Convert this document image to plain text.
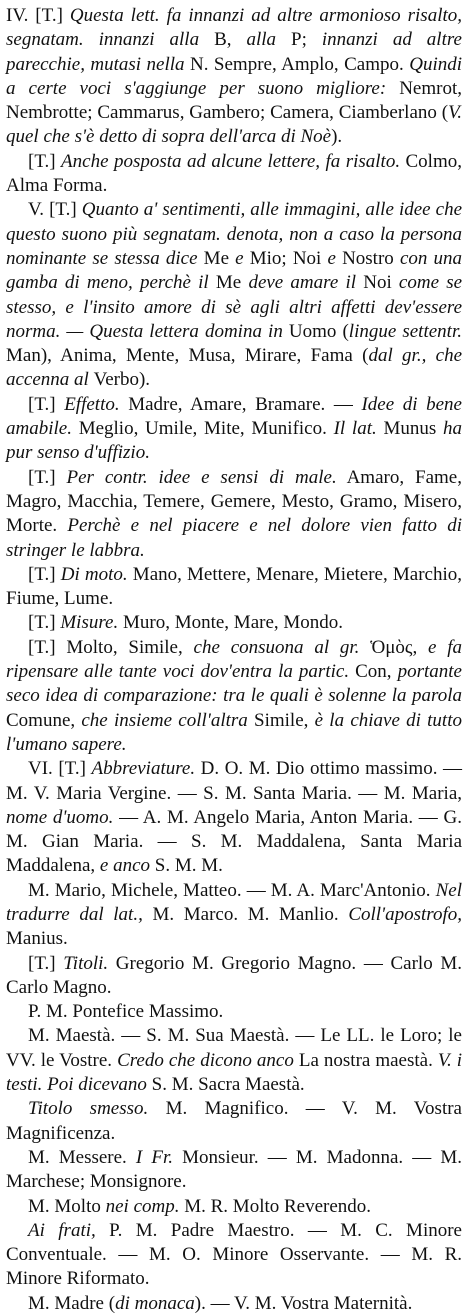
IV. [T.] Questa lett. fa innanzi ad altre armonioso risalto, segnatam. innanzi alla B, alla P; innanzi ad altre parecchie, mutasi nella N. Sempre, Amplo, Campo. Quindi a certe voci s'aggiunge per suono migliore: Nemrot, Nembrotte; Cammarus, Gambero; Camera, Ciamberlano (V. quel che s'è detto di sopra dell'arca di Noè).

[T.] Anche posposta ad alcune lettere, fa risalto. Colmo, Alma Forma.

V. [T.] Quanto a' sentimenti, alle immagini, alle idee che questo suono più segnatam. denota, non a caso la persona nominante se stessa dice Me e Mio; Noi e Nostro con una gamba di meno, perchè il Me deve amare il Noi come se stesso, e l'insito amore di sè agli altri affetti dev'essere norma. — Questa lettera domina in Uomo (lingue settentr. Man), Anima, Mente, Musa, Mirare, Fama (dal gr., che accenna al Verbo).

[T.] Effetto. Madre, Amare, Bramare. — Idee di bene amabile. Meglio, Umile, Mite, Munifico. Il lat. Munus ha pur senso d'uffizio.

[T.] Per contr. idee e sensi di male. Amaro, Fame, Magro, Macchia, Temere, Gemere, Mesto, Gramo, Misero, Morte. Perchè e nel piacere e nel dolore vien fatto di stringer le labbra.

[T.] Di moto. Mano, Mettere, Menare, Mietere, Marchio, Fiume, Lume.

[T.] Misure. Muro, Monte, Mare, Mondo.

[T.] Molto, Simile, che consuona al gr. Ὁμὸς, e fa ripensare alle tante voci dov'entra la partic. Con, portante seco idea di comparazione: tra le quali è solenne la parola Comune, che insieme coll'altra Simile, è la chiave di tutto l'umano sapere.

VI. [T.] Abbreviature. D. O. M. Dio ottimo massimo. — M. V. Maria Vergine. — S. M. Santa Maria. — M. Maria, nome d'uomo. — A. M. Angelo Maria, Anton Maria. — G. M. Gian Maria. — S. M. Maddalena, Santa Maria Maddalena, e anco S. M. M.

M. Mario, Michele, Matteo. — M. A. Marc'Antonio. Nel tradurre dal lat., M. Marco. M. Manlio. Coll'apostrofo, Manius.

[T.] Titoli. Gregorio M. Gregorio Magno. — Carlo M. Carlo Magno.

P. M. Pontefice Massimo.

M. Maestà. — S. M. Sua Maestà. — Le LL. le Loro; le VV. le Vostre. Credo che dicono anco La nostra maestà. V. i testi. Poi dicevano S. M. Sacra Maestà.

Titolo smesso. M. Magnifico. — V. M. Vostra Magnificenza.

M. Messere. I Fr. Monsieur. — M. Madonna. — M. Marchese; Monsignore.

M. Molto nei comp. M. R. Molto Reverendo.

Ai frati, P. M. Padre Maestro. — M. C. Minore Conventuale. — M. O. Minore Osservante. — M. R. Minore Riformato.

M. Madre (di monaca). — V. M. Vostra Maternità.
